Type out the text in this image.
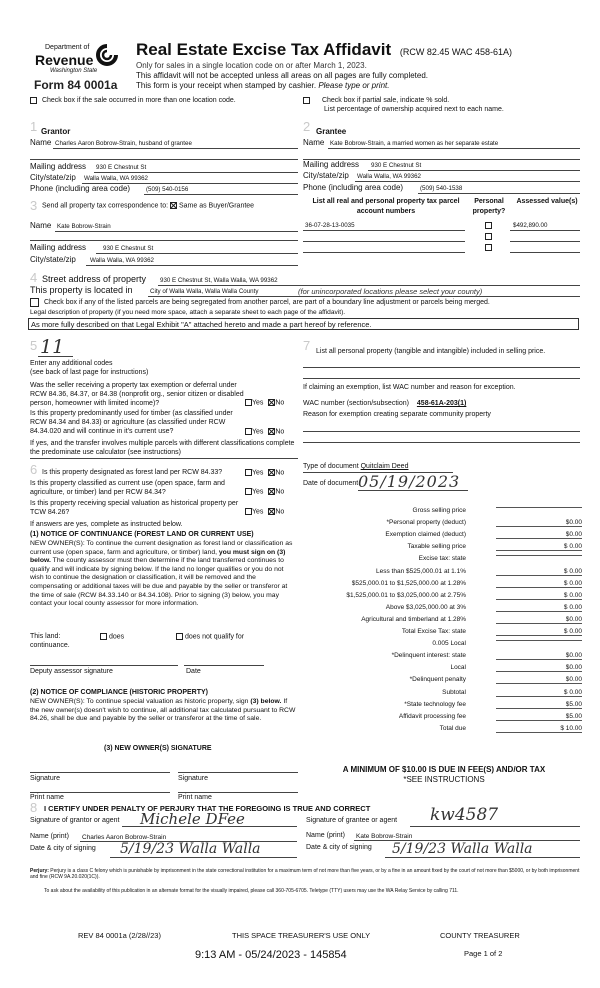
Department of
Revenue
Washington State
Form 84 0001a
Real Estate Excise Tax Affidavit (RCW 82.45 WAC 458-61A)
Only for sales in a single location code on or after March 1, 2023.
This affidavit will not be accepted unless all areas on all pages are fully completed.
This form is your receipt when stamped by cashier. Please type or print.
Check box if the sale occurred in more than one location code.	Check box if partial sale, indicate % sold.
List percentage of ownership acquired next to each name.
1 Grantor
Name Charles Aaron Bobrow-Strain, husband of grantee
Mailing address 930 E Chestnut St
City/state/zip Walla Walla, WA 99362
Phone (including area code)	(509) 540-0156
2 Grantee
Name Kate Bobrow-Strain, a married women as her separate estate
Mailing address 930 E Chestnut St
City/state/zip Walla Walla, WA 99362
Phone (including area code)	(509) 540-1538
3 Send all property tax correspondence to: Same as Buyer/Grantee
Name Kate Bobrow-Strain
Mailing address	930 E Chestnut St
City/state/zip Walla Walla, WA 99362
List all real and personal property tax parcel account numbers
Personal property?
Assessed value(s)
36-07-28-13-0035	$492,890.00
4 Street address of property 930 E Chestnut St, Walla Walla, WA 99362
This property is located in	City of Walla Walla, Walla Walla County	(for unincorporated locations please select your county)
Check box if any of the listed parcels are being segregated from another parcel, are part of a boundary line adjustment or parcels being merged.
Legal description of property (if you need more space, attach a separate sheet to each page of the affidavit).
As more fully described on that Legal Exhibit "A" attached hereto and made a part hereof by reference.
5 11
Enter any additional codes
(see back of last page for instructions)
Was the seller receiving a property tax exemption or deferral under RCW 84.36, 84.37, or 84.38 (nonprofit org., senior citizen or disabled person, homeowner with limited income)?	Yes No
Is this property predominantly used for timber (as classified under RCW 84.34 and 84.33) or agriculture (as classified under RCW 84.34.020 and will continue in it's current use?	Yes No
If yes, and the transfer involves multiple parcels with different classifications complete the predominate use calculator (see instructions)
7 List all personal property (tangible and intangible) included in selling price.
If claiming an exemption, list WAC number and reason for exception.
WAC number (section/subsection) 458-61A-203(1)
Reason for exemption creating separate community property
6 Is this property designated as forest land per RCW 84.33?	Yes No
Is this property classified as current use (open space, farm and agriculture, or timber) land per RCW 84.34?	Yes No
Is this property receiving special valuation as historical property per TCW 84.26?	Yes No
If answers are yes, complete as instructed below.
(1) NOTICE OF CONTINUANCE (FOREST LAND OR CURRENT USE)
NEW OWNER(S): To continue the current designation as forest land or classification as current use (open space, farm and agriculture, or timber) land, you must sign on (3) below. The county assessor must then determine if the land transferred continues to qualify and will indicate by signing below. If the land no longer qualifies or you do not wish to continue the designation or classification, it will be removed and the compensating or additional taxes will be due and payable by the seller or transferor at the time of sale (RCW 84.33.140 or 84.34.108). Prior to signing (3) below, you may contact your local county assessor for more information.
This land:
continuance.
does	does not qualify for
Deputy assessor signature	Date
(2) NOTICE OF COMPLIANCE (HISTORIC PROPERTY)
NEW OWNER(S): To continue special valuation as historic property, sign (3) below. If the new owner(s) doesn't wish to continue, all additional tax calculated pursuant to RCW 84.26, shall be due and payable by the seller or transferor at the time of sale.
(3) NEW OWNER(S) SIGNATURE
Signature	Signature
Print name	Print name
Type of document Quitclaim Deed
Date of document 05/19/2023
Gross selling price
*Personal property (deduct)	$0.00
Exemption claimed (deduct)	$0.00
Taxable selling price	$ 0.00
Excise tax: state
Less than $525,000.01 at 1.1%	$ 0.00
$525,000.01 to $1,525,000.00 at 1.28%	$ 0.00
$1,525,000.01 to $3,025,000.00 at 2.75%	$ 0.00
Above $3,025,000.00 at 3%	$ 0.00
Agricultural and timberland at 1.28%	$0.00
Total Excise Tax: state	$ 0.00
0.005 Local
*Delinquent interest: state	$0.00
Local	$0.00
*Delinquent penalty	$0.00
Subtotal	$ 0.00
*State technology fee	$5.00
Affidavit processing fee	$5.00
Total due	$ 10.00
A MINIMUM OF $10.00 IS DUE IN FEE(S) AND/OR TAX
*SEE INSTRUCTIONS
8 I CERTIFY UNDER PENALTY OF PERJURY THAT THE FOREGOING IS TRUE AND CORRECT
Signature of grantor or agent Michele DFee
Name (print) Charles Aaron Bobrow-Strain
Date & city of signing 5/19/23 Walla Walla
Signature of grantee or agent kw4587
Name (print) Kate Bobrow-Strain
Date & city of signing 5/19/23 Walla Walla
Perjury: Perjury is a class C felony which is punishable by imprisonment in the state correctional institution for a maximum term of not more than five years, or by a fine in an amount fixed by the court of not more than $5000, or by both imprisonment and fine (RCW 9A.20.020(1C)).
To ask about the availability of this publication in an alternate format for the visually impaired, please call 360-705-6705. Teletype (TTY) users may use the WA Relay Service by calling 711.
REV 84 0001a (2/28//23)	THIS SPACE TREASURER'S USE ONLY	COUNTY TREASURER
Page 1 of 2
9:13 AM - 05/24/2023 - 145854
